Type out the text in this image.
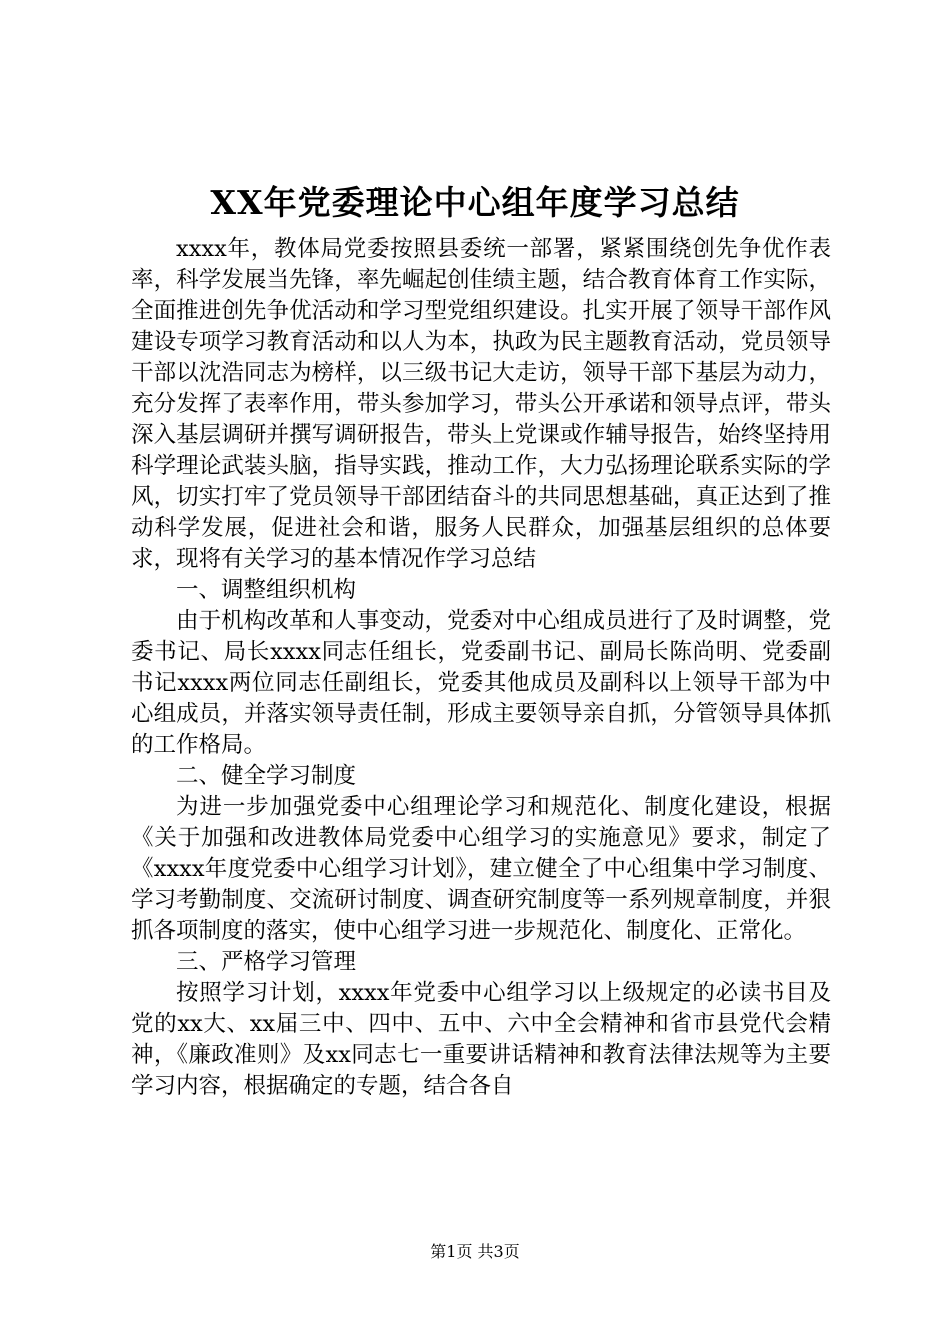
XX年党委理论中心组年度学习总结

xxxx年，教体局党委按照县委统一部署，紧紧围绕创先争优作表率，科学发展当先锋，率先崛起创佳绩主题，结合教育体育工作实际，全面推进创先争优活动和学习型党组织建设。扎实开展了领导干部作风建设专项学习教育活动和以人为本，执政为民主题教育活动，党员领导干部以沈浩同志为榜样，以三级书记大走访，领导干部下基层为动力，充分发挥了表率作用，带头参加学习，带头公开承诺和领导点评，带头深入基层调研并撰写调研报告，带头上党课或作辅导报告，始终坚持用科学理论武装头脑，指导实践，推动工作，大力弘扬理论联系实际的学风，切实打牢了党员领导干部团结奋斗的共同思想基础，真正达到了推动科学发展，促进社会和谐，服务人民群众，加强基层组织的总体要求，现将有关学习的基本情况作学习总结

一、调整组织机构

由于机构改革和人事变动，党委对中心组成员进行了及时调整，党委书记、局长xxxx同志任组长，党委副书记、副局长陈尚明、党委副书记xxxx两位同志任副组长，党委其他成员及副科以上领导干部为中心组成员，并落实领导责任制，形成主要领导亲自抓，分管领导具体抓的工作格局。

二、健全学习制度

为进一步加强党委中心组理论学习和规范化、制度化建设，根据《关于加强和改进教体局党委中心组学习的实施意见》要求，制定了《xxxx年度党委中心组学习计划》，建立健全了中心组集中学习制度、学习考勤制度、交流研讨制度、调查研究制度等一系列规章制度，并狠抓各项制度的落实，使中心组学习进一步规范化、制度化、正常化。

三、严格学习管理

按照学习计划，xxxx年党委中心组学习以上级规定的必读书目及党的xx大、xx届三中、四中、五中、六中全会精神和省市县党代会精神，《廉政准则》及xx同志七一重要讲话精神和教育法律法规等为主要学习内容，根据确定的专题，结合各自

第1页 共3页
